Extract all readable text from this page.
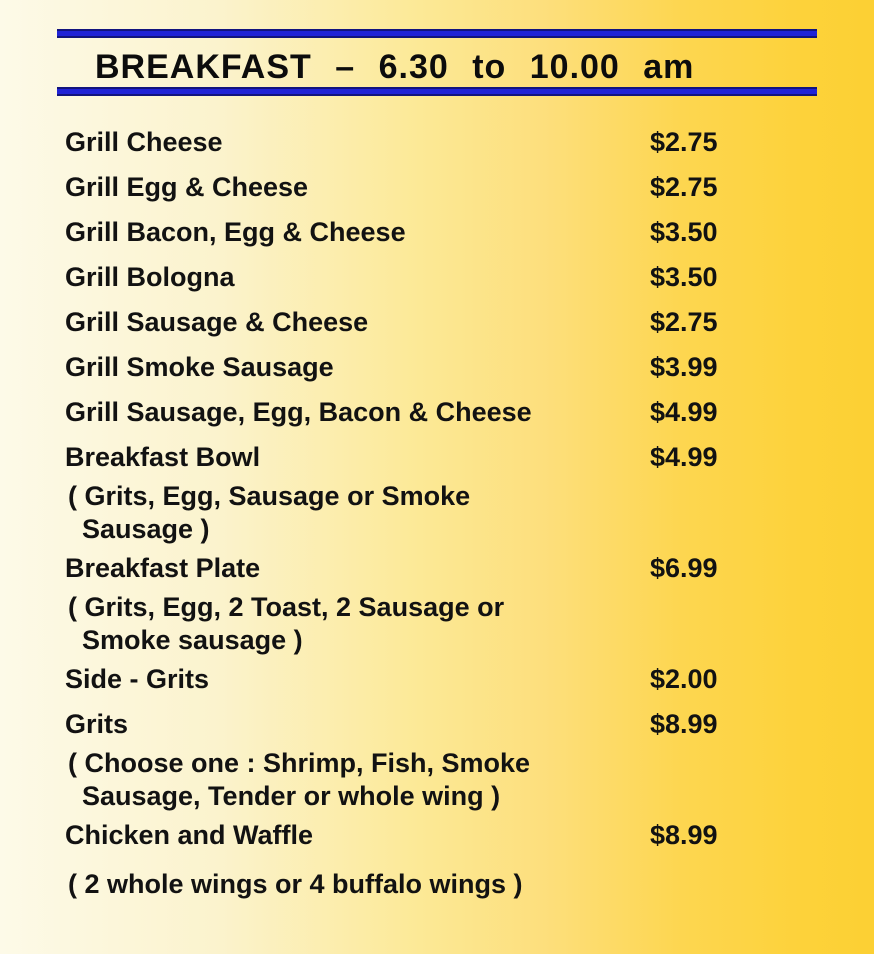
BREAKFAST – 6.30 to 10.00 am
Grill Cheese	$2.75
Grill Egg & Cheese	$2.75
Grill Bacon, Egg & Cheese	$3.50
Grill Bologna	$3.50
Grill Sausage & Cheese	$2.75
Grill Smoke Sausage	$3.99
Grill Sausage, Egg, Bacon & Cheese	$4.99
Breakfast Bowl	$4.99
( Grits, Egg, Sausage or Smoke
Sausage )
Breakfast Plate	$6.99
( Grits, Egg, 2 Toast, 2 Sausage or
Smoke sausage )
Side - Grits	$2.00
Grits	$8.99
( Choose one : Shrimp, Fish, Smoke
Sausage, Tender or whole wing )
Chicken and Waffle	$8.99
( 2 whole wings or 4 buffalo wings )
